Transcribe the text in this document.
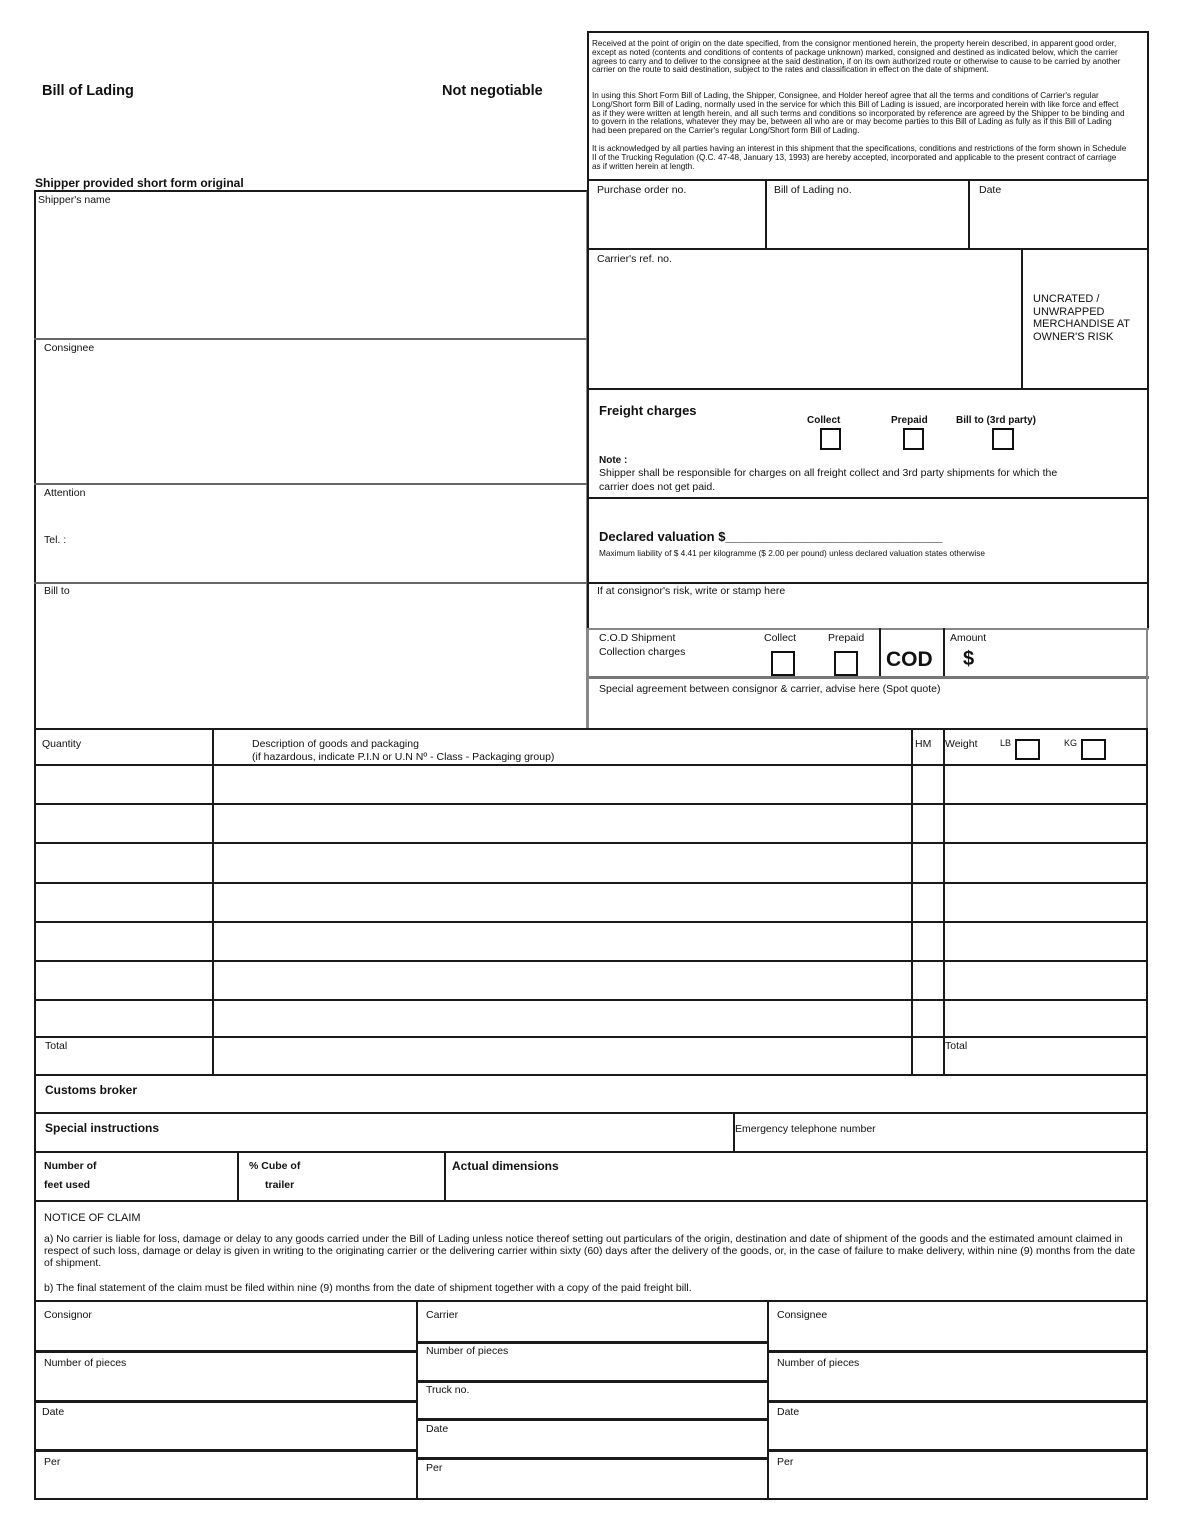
Bill of Lading	Not negotiable
Shipper provided short form original
Received at the point of origin on the date specified, from the consignor mentioned herein, the property herein described, in apparent good order, except as noted (contents and conditions of contents of package unknown) marked, consigned and destined as indicated below, which the carrier agrees to carry and to deliver to the consignee at the said destination, if on its own authorized route or otherwise to cause to be carried by another carrier on the route to said destination, subject to the rates and classification in effect on the date of shipment.
In using this Short Form Bill of Lading, the Shipper, Consignee, and Holder hereof agree that all the terms and conditions of Carrier's regular Long/Short form Bill of Lading, normally used in the service for which this Bill of Lading is issued, are incorporated herein with like force and effect as if they were written at length herein, and all such terms and conditions so incorporated by reference are agreed by the Shipper to be binding and to govern in the relations, whatever they may be, between all who are or may become parties to this Bill of Lading as fully as if this Bill of Lading had been prepared on the Carrier's regular Long/Short form Bill of Lading.
It is acknowledged by all parties having an interest in this shipment that the specifications, conditions and restrictions of the form shown in Schedule II of the Trucking Regulation (Q.C. 47-48, January 13, 1993) are hereby accepted, incorporated and applicable to the present contract of carriage as if written herein at length.
Shipper's name
Consignee
Attention
Tel. :
Bill to
Purchase order no.	Bill of Lading no.	Date
Carrier's ref. no.
UNCRATED / UNWRAPPED MERCHANDISE AT OWNER'S RISK
Freight charges
Collect	Prepaid	Bill to (3rd party)
Note :
Shipper shall be responsible for charges on all freight collect and 3rd party shipments for which the carrier does not get paid.
Declared valuation $______________________________
Maximum liability of $ 4.41 per kilogramme ($ 2.00 per pound) unless declared valuation states otherwise
If at consignor's risk, write or stamp here
C.O.D Shipment
Collection charges
Collect	Prepaid
COD
Amount
$
Special agreement between consignor & carrier, advise here (Spot quote)
Quantity	Description of goods and packaging
(if hazardous, indicate P.I.N or U.N Nº - Class - Packaging group)
HM Weight	LB	KG
Total	Total
Customs broker
Special instructions	Emergency telephone number
Number of
feet used
% Cube of
trailer
Actual dimensions
NOTICE OF CLAIM
a) No carrier is liable for loss, damage or delay to any goods carried under the Bill of Lading unless notice thereof setting out particulars of the origin, destination and date of shipment of the goods and the estimated amount claimed in respect of such loss, damage or delay is given in writing to the originating carrier or the delivering carrier within sixty (60) days after the delivery of the goods, or, in the case of failure to make delivery, within nine (9) months from the date of shipment.
b) The final statement of the claim must be filed within nine (9) months from the date of shipment together with a copy of the paid freight bill.
Consignor
Number of pieces
Date
Per
Carrier
Number of pieces
Truck no.
Date
Per
Consignee
Number of pieces
Date
Per
